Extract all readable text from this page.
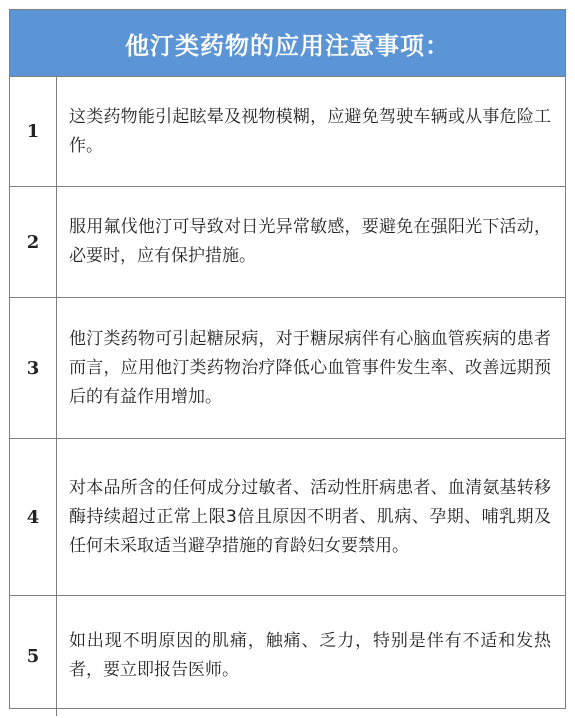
他汀类药物的应用注意事项：
1	这类药物能引起眩晕及视物模糊，应避免驾驶车辆或从事危险工作。
2	服用氟伐他汀可导致对日光异常敏感，要避免在强阳光下活动，必要时，应有保护措施。
3	他汀类药物可引起糖尿病，对于糖尿病伴有心脑血管疾病的患者而言，应用他汀类药物治疗降低心血管事件发生率、改善远期预后的有益作用增加。
4	对本品所含的任何成分过敏者、活动性肝病患者、血清氨基转移酶持续超过正常上限3倍且原因不明者、肌病、孕期、哺乳期及任何未采取适当避孕措施的育龄妇女要禁用。
5	如出现不明原因的肌痛，触痛、乏力，特别是伴有不适和发热者，要立即报告医师。
